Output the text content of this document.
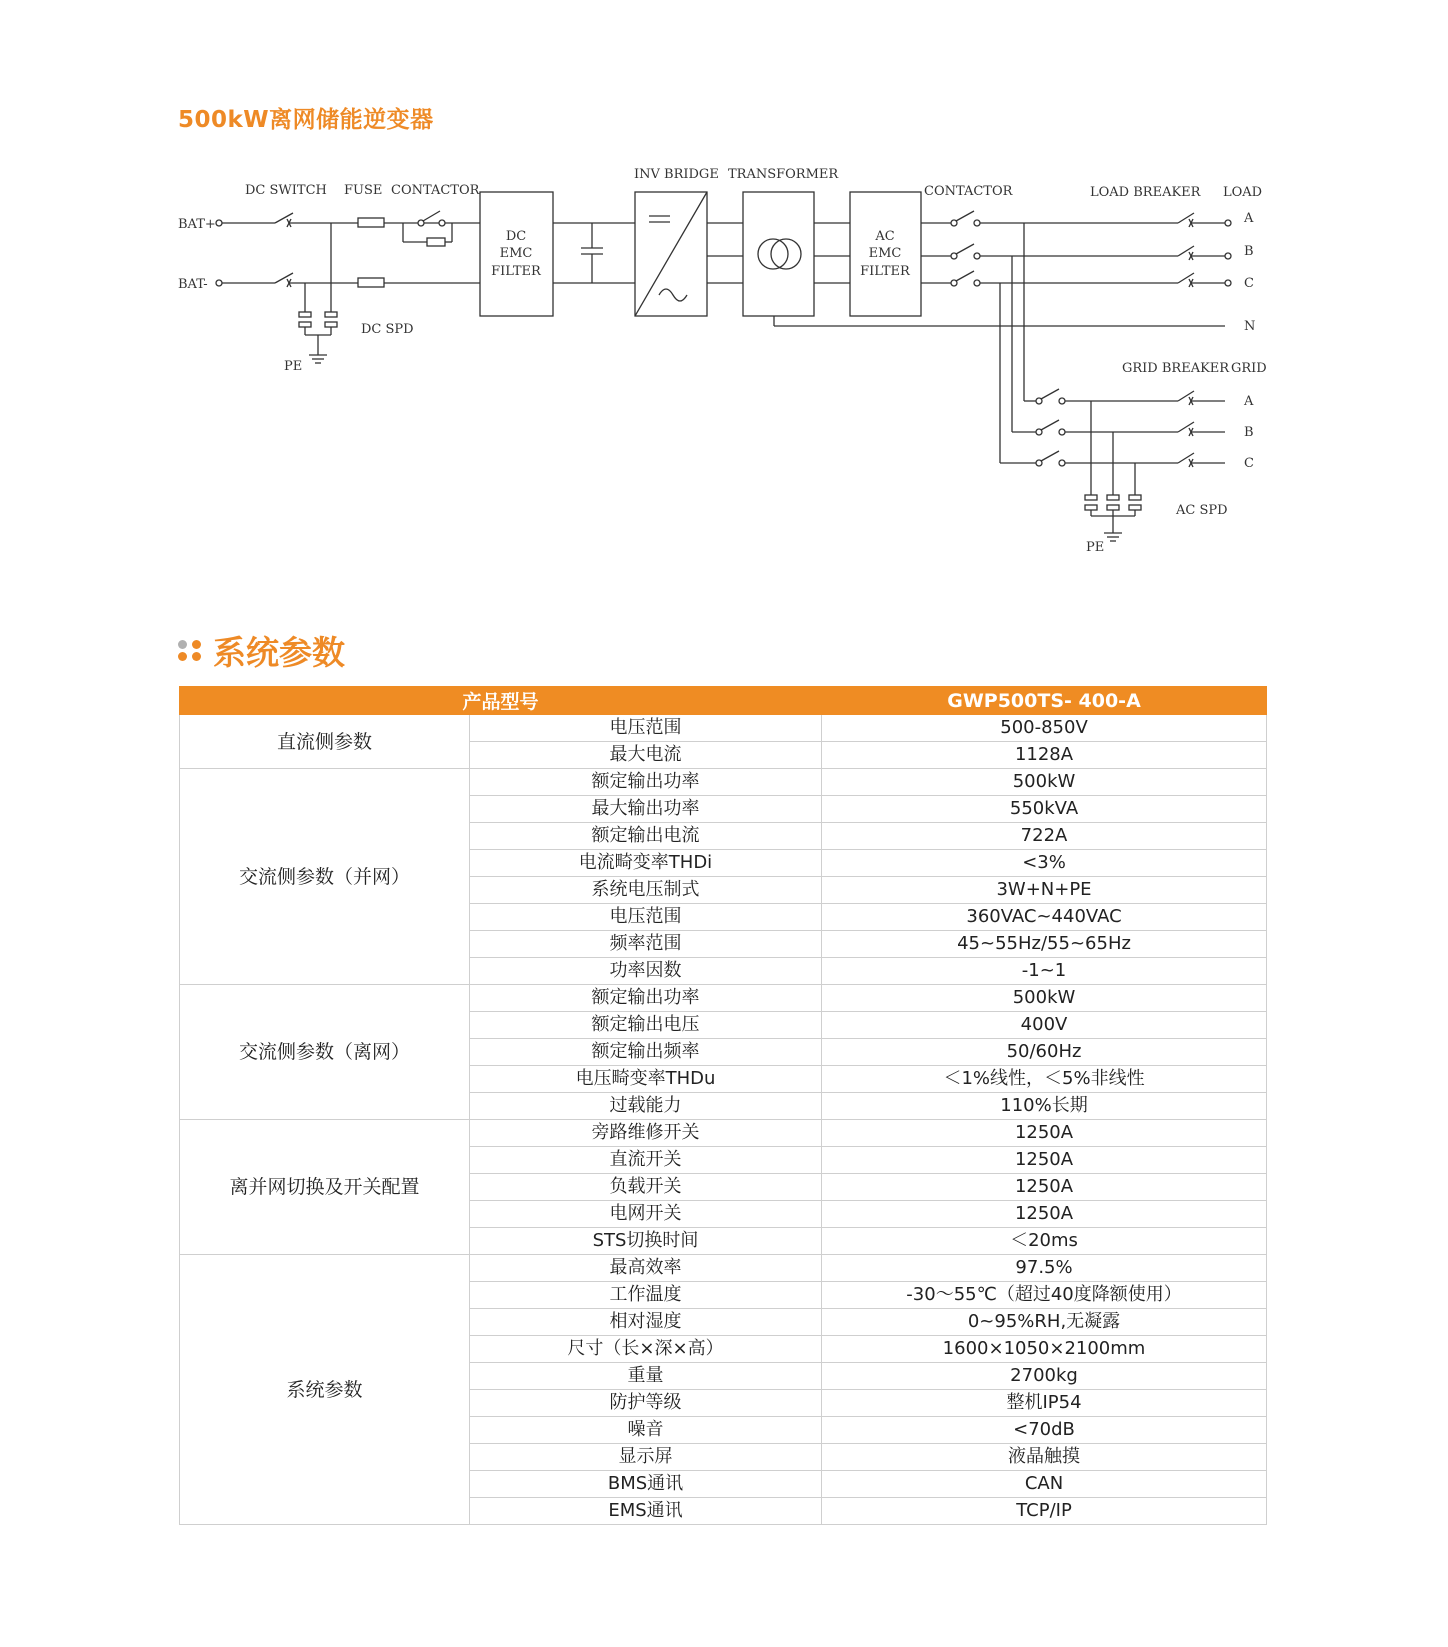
500kW离网储能逆变器
DC SWITCH FUSE CONTACTOR
BAT+
BAT-
DC SPD
PE
DC
EMC
FILTER
INV BRIDGE TRANSFORMER
AC
EMC
FILTER
CONTACTOR	LOAD BREAKER LOAD
A
B
C
N
GRID BREAKER GRID
A
B
C
AC SPD
PE
系统参数
产品型号		GWP500TS- 400-A
直流侧参数	电压范围	500-850V
	最大电流	1128A
交流侧参数（并网）	额定输出功率	500kW
	最大输出功率	550kVA
	额定输出电流	722A
	电流畸变率THDi	<3%
	系统电压制式	3W+N+PE
	电压范围	360VAC~440VAC
	频率范围	45~55Hz/55~65Hz
	功率因数	-1~1
交流侧参数（离网）	额定输出功率	500kW
	额定输出电压	400V
	额定输出频率	50/60Hz
	电压畸变率THDu	＜1%线性，＜5%非线性
	过载能力	110%长期
离并网切换及开关配置	旁路维修开关	1250A
	直流开关	1250A
	负载开关	1250A
	电网开关	1250A
	STS切换时间	＜20ms
系统参数	最高效率	97.5%
	工作温度	-30～55℃（超过40度降额使用）
	相对湿度	0~95%RH,无凝露
	尺寸（长×深×高）	1600×1050×2100mm
	重量	2700kg
	防护等级	整机IP54
	噪音	<70dB
	显示屏	液晶触摸
	BMS通讯	CAN
	EMS通讯	TCP/IP
